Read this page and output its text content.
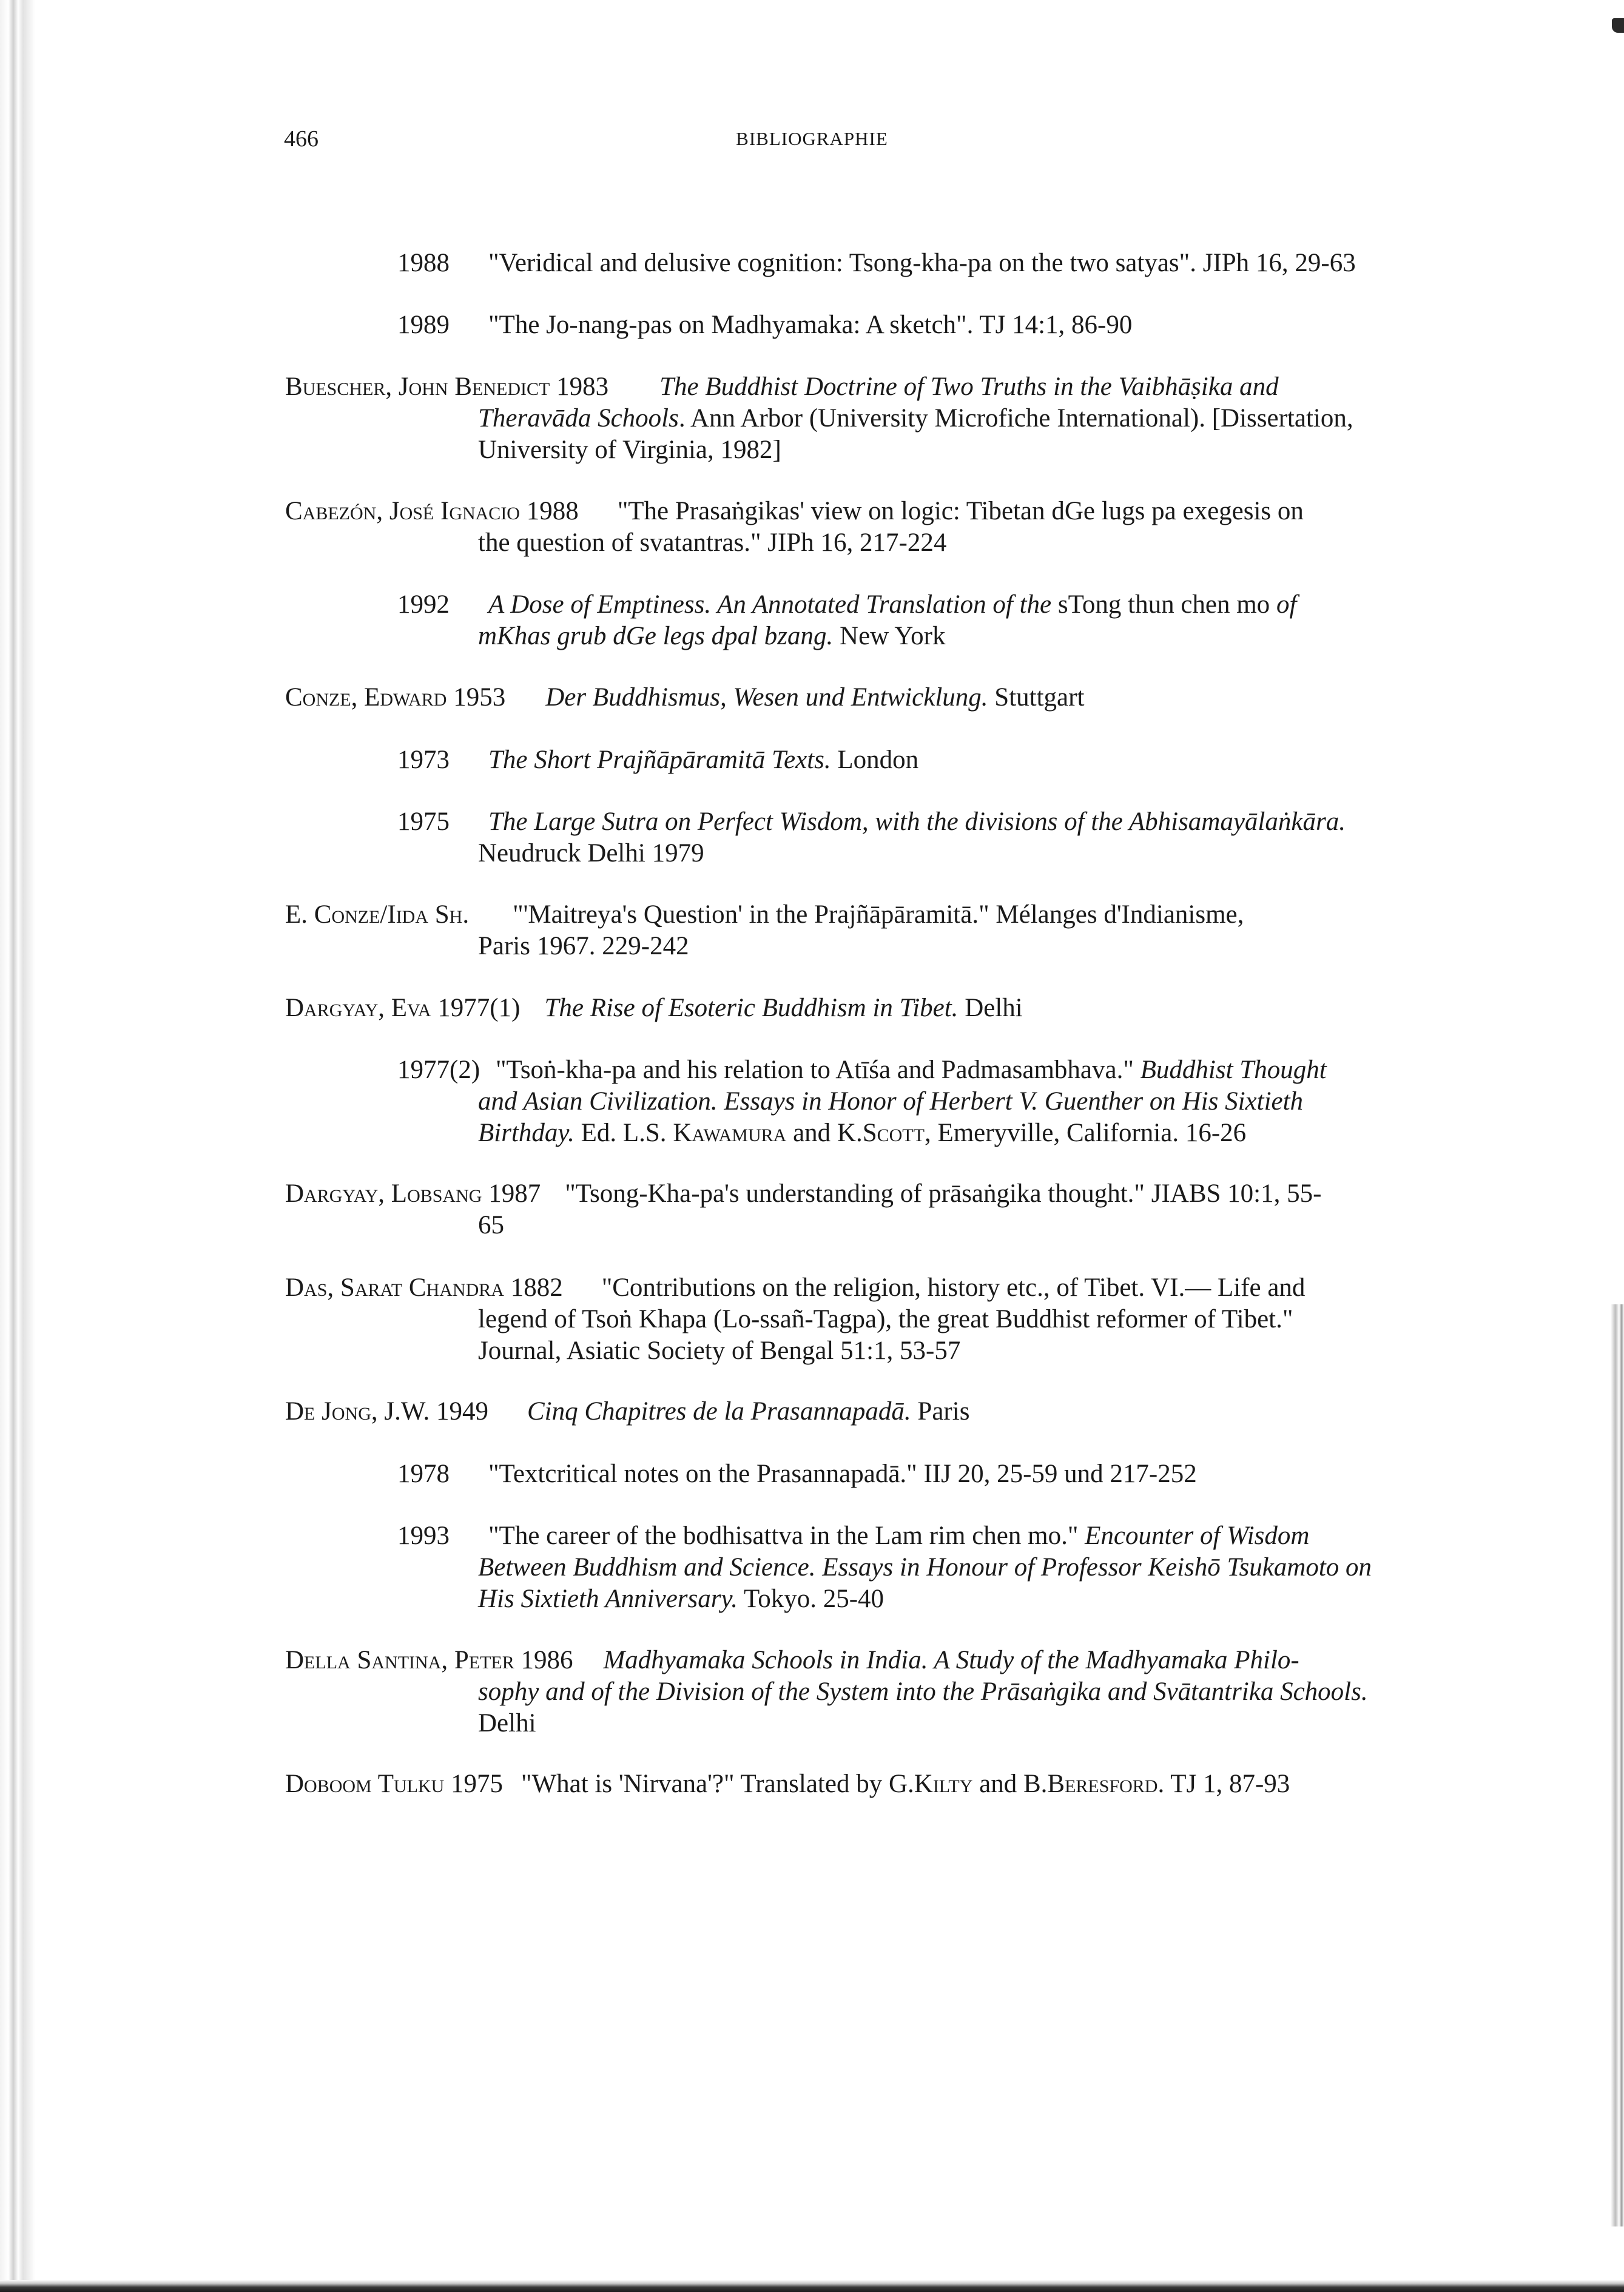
466	BIBLIOGRAPHIE
1988 "Veridical and delusive cognition: Tsong-kha-pa on the two satyas". JIPh 16, 29-63
1989 "The Jo-nang-pas on Madhyamaka: A sketch". TJ 14:1, 86-90
Buescher, John Benedict 1983 The Buddhist Doctrine of Two Truths in the Vaibhāṣika and
Theravāda Schools. Ann Arbor (University Microfiche International). [Dissertation,
University of Virginia, 1982]
Cabezón, José Ignacio 1988 "The Prasaṅgikas' view on logic: Tibetan dGe lugs pa exegesis on
the question of svatantras." JIPh 16, 217-224
1992 A Dose of Emptiness. An Annotated Translation of the sTong thun chen mo of
mKhas grub dGe legs dpal bzang. New York
Conze, Edward 1953 Der Buddhismus, Wesen und Entwicklung. Stuttgart
1973 The Short Prajñāpāramitā Texts. London
1975 The Large Sutra on Perfect Wisdom, with the divisions of the Abhisamayālaṅkāra.
Neudruck Delhi 1979
E. Conze/Iida Sh. "'Maitreya's Question' in the Prajñāpāramitā." Mélanges d'Indianisme,
Paris 1967. 229-242
Dargyay, Eva 1977(1) The Rise of Esoteric Buddhism in Tibet. Delhi
1977(2) "Tsoṅ-kha-pa and his relation to Atīśa and Padmasambhava." Buddhist Thought
and Asian Civilization. Essays in Honor of Herbert V. Guenther on His Sixtieth
Birthday. Ed. L.S. Kawamura and K.Scott, Emeryville, California. 16-26
Dargyay, Lobsang 1987 "Tsong-Kha-pa's understanding of prāsaṅgika thought." JIABS 10:1, 55-
65
Das, Sarat Chandra 1882 "Contributions on the religion, history etc., of Tibet. VI.— Life and
legend of Tsoṅ Khapa (Lo-ssañ-Tagpa), the great Buddhist reformer of Tibet."
Journal, Asiatic Society of Bengal 51:1, 53-57
De Jong, J.W. 1949 Cinq Chapitres de la Prasannapadā. Paris
1978 "Textcritical notes on the Prasannapadā." IIJ 20, 25-59 und 217-252
1993 "The career of the bodhisattva in the Lam rim chen mo." Encounter of Wisdom
Between Buddhism and Science. Essays in Honour of Professor Keishō Tsukamoto on
His Sixtieth Anniversary. Tokyo. 25-40
Della Santina, Peter 1986 Madhyamaka Schools in India. A Study of the Madhyamaka Philo-
sophy and of the Division of the System into the Prāsaṅgika and Svātantrika Schools.
Delhi
Doboom Tulku 1975 "What is 'Nirvana'?" Translated by G.Kilty and B.Beresford. TJ 1, 87-93
